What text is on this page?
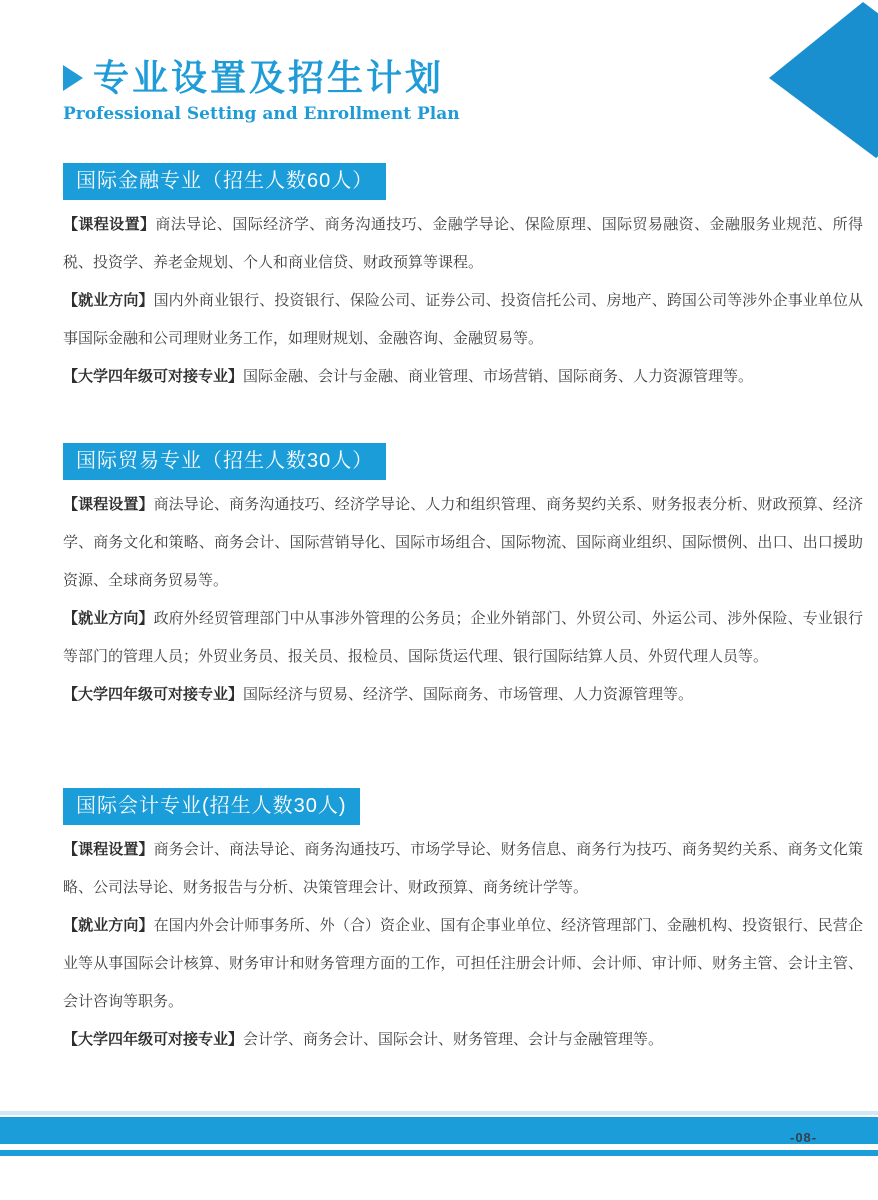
专业设置及招生计划
Professional Setting and Enrollment Plan
国际金融专业（招生人数60人）

【课程设置】商法导论、国际经济学、商务沟通技巧、金融学导论、保险原理、国际贸易融资、金融服务业规范、所得税、投资学、养老金规划、个人和商业信贷、财政预算等课程。

【就业方向】国内外商业银行、投资银行、保险公司、证券公司、投资信托公司、房地产、跨国公司等涉外企事业单位从事国际金融和公司理财业务工作，如理财规划、金融咨询、金融贸易等。

【大学四年级可对接专业】国际金融、会计与金融、商业管理、市场营销、国际商务、人力资源管理等。

国际贸易专业（招生人数30人）

【课程设置】商法导论、商务沟通技巧、经济学导论、人力和组织管理、商务契约关系、财务报表分析、财政预算、经济学、商务文化和策略、商务会计、国际营销导化、国际市场组合、国际物流、国际商业组织、国际惯例、出口、出口援助资源、全球商务贸易等。

【就业方向】政府外经贸管理部门中从事涉外管理的公务员；企业外销部门、外贸公司、外运公司、涉外保险、专业银行等部门的管理人员；外贸业务员、报关员、报检员、国际货运代理、银行国际结算人员、外贸代理人员等。

【大学四年级可对接专业】国际经济与贸易、经济学、国际商务、市场管理、人力资源管理等。

国际会计专业(招生人数30人)

【课程设置】商务会计、商法导论、商务沟通技巧、市场学导论、财务信息、商务行为技巧、商务契约关系、商务文化策略、公司法导论、财务报告与分析、决策管理会计、财政预算、商务统计学等。

【就业方向】在国内外会计师事务所、外（合）资企业、国有企事业单位、经济管理部门、金融机构、投资银行、民营企业等从事国际会计核算、财务审计和财务管理方面的工作，可担任注册会计师、会计师、审计师、财务主管、会计主管、会计咨询等职务。

【大学四年级可对接专业】会计学、商务会计、国际会计、财务管理、会计与金融管理等。

-08-
